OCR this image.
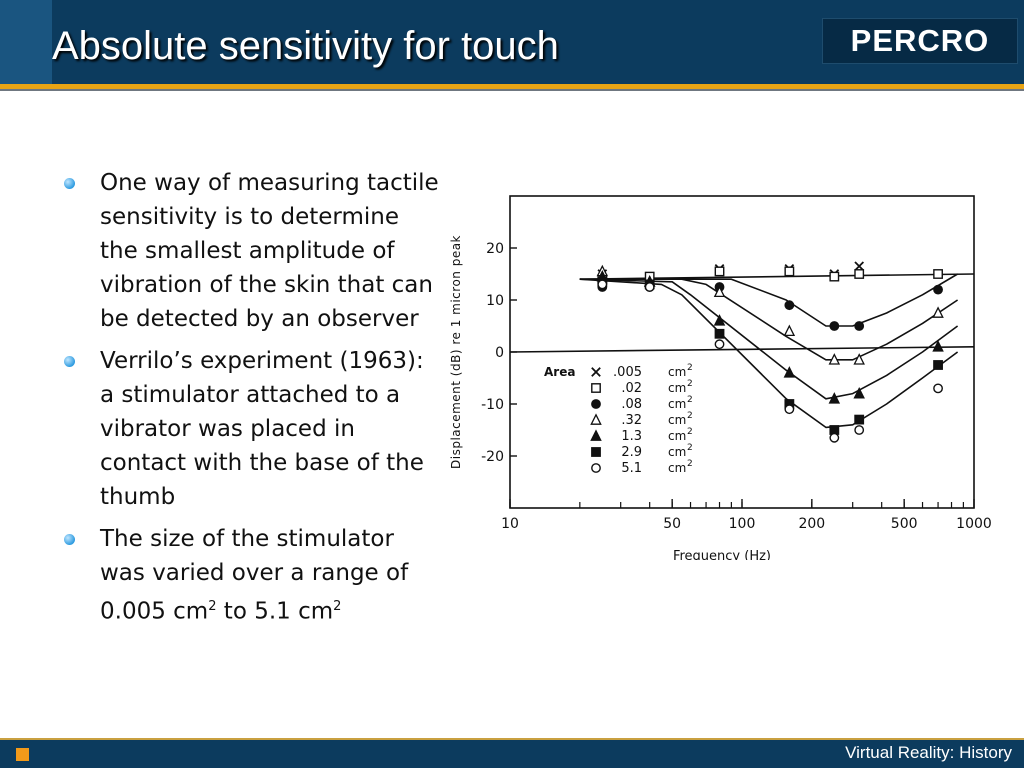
Absolute sensitivity for touch	PERCRO
One way of measuring tactile sensitivity is to determine the smallest amplitude of vibration of the skin that can be detected by an observer
Verrilo’s experiment (1963): a stimulator attached to a vibrator was placed in contact with the base of the thumb
The size of the stimulator was varied over a range of 0.005 $cm^2$ to 5.1 $cm^2$
20
10
0
-10
-20
10	50	100	200	500	1000
Frequency (Hz)
Displacement (dB) re 1 micron peak	Area	.005 cm 2
.02 cm 2
.08 cm 2
.32 cm 2
1.3 cm 2
2.9 cm 2
5.1 cm 2
Virtual Reality: History
